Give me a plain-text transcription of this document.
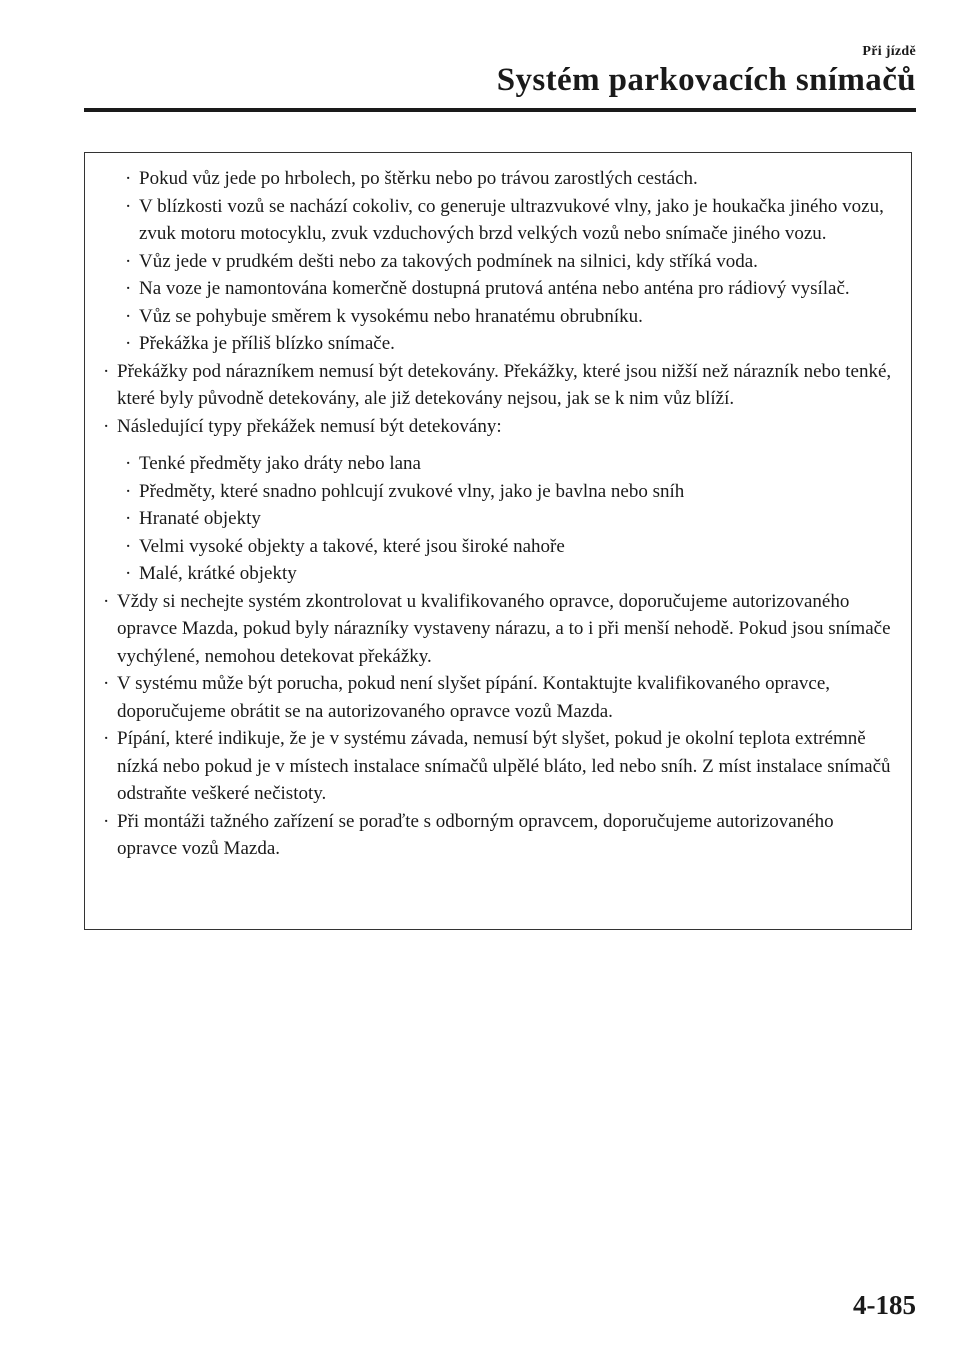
Při jízdě
Systém parkovacích snímačů
· Pokud vůz jede po hrbolech, po štěrku nebo po trávou zarostlých cestách.
· V blízkosti vozů se nachází cokoliv, co generuje ultrazvukové vlny, jako je houkačka jiného vozu, zvuk motoru motocyklu, zvuk vzduchových brzd velkých vozů nebo snímače jiného vozu.
· Vůz jede v prudkém dešti nebo za takových podmínek na silnici, kdy stříká voda.
· Na voze je namontována komerčně dostupná prutová anténa nebo anténa pro rádiový vysílač.
· Vůz se pohybuje směrem k vysokému nebo hranatému obrubníku.
· Překážka je příliš blízko snímače.
· Překážky pod nárazníkem nemusí být detekovány. Překážky, které jsou nižší než nárazník nebo tenké, které byly původně detekovány, ale již detekovány nejsou, jak se k nim vůz blíží.
· Následující typy překážek nemusí být detekovány:
· Tenké předměty jako dráty nebo lana
· Předměty, které snadno pohlcují zvukové vlny, jako je bavlna nebo sníh
· Hranaté objekty
· Velmi vysoké objekty a takové, které jsou široké nahoře
· Malé, krátké objekty
· Vždy si nechejte systém zkontrolovat u kvalifikovaného opravce, doporučujeme autorizovaného opravce Mazda, pokud byly nárazníky vystaveny nárazu, a to i při menší nehodě. Pokud jsou snímače vychýlené, nemohou detekovat překážky.
· V systému může být porucha, pokud není slyšet pípání. Kontaktujte kvalifikovaného opravce, doporučujeme obrátit se na autorizovaného opravce vozů Mazda.
· Pípání, které indikuje, že je v systému závada, nemusí být slyšet, pokud je okolní teplota extrémně nízká nebo pokud je v místech instalace snímačů ulpělé bláto, led nebo sníh. Z míst instalace snímačů odstraňte veškeré nečistoty.
· Při montáži tažného zařízení se poraďte s odborným opravcem, doporučujeme autorizovaného opravce vozů Mazda.
4-185
